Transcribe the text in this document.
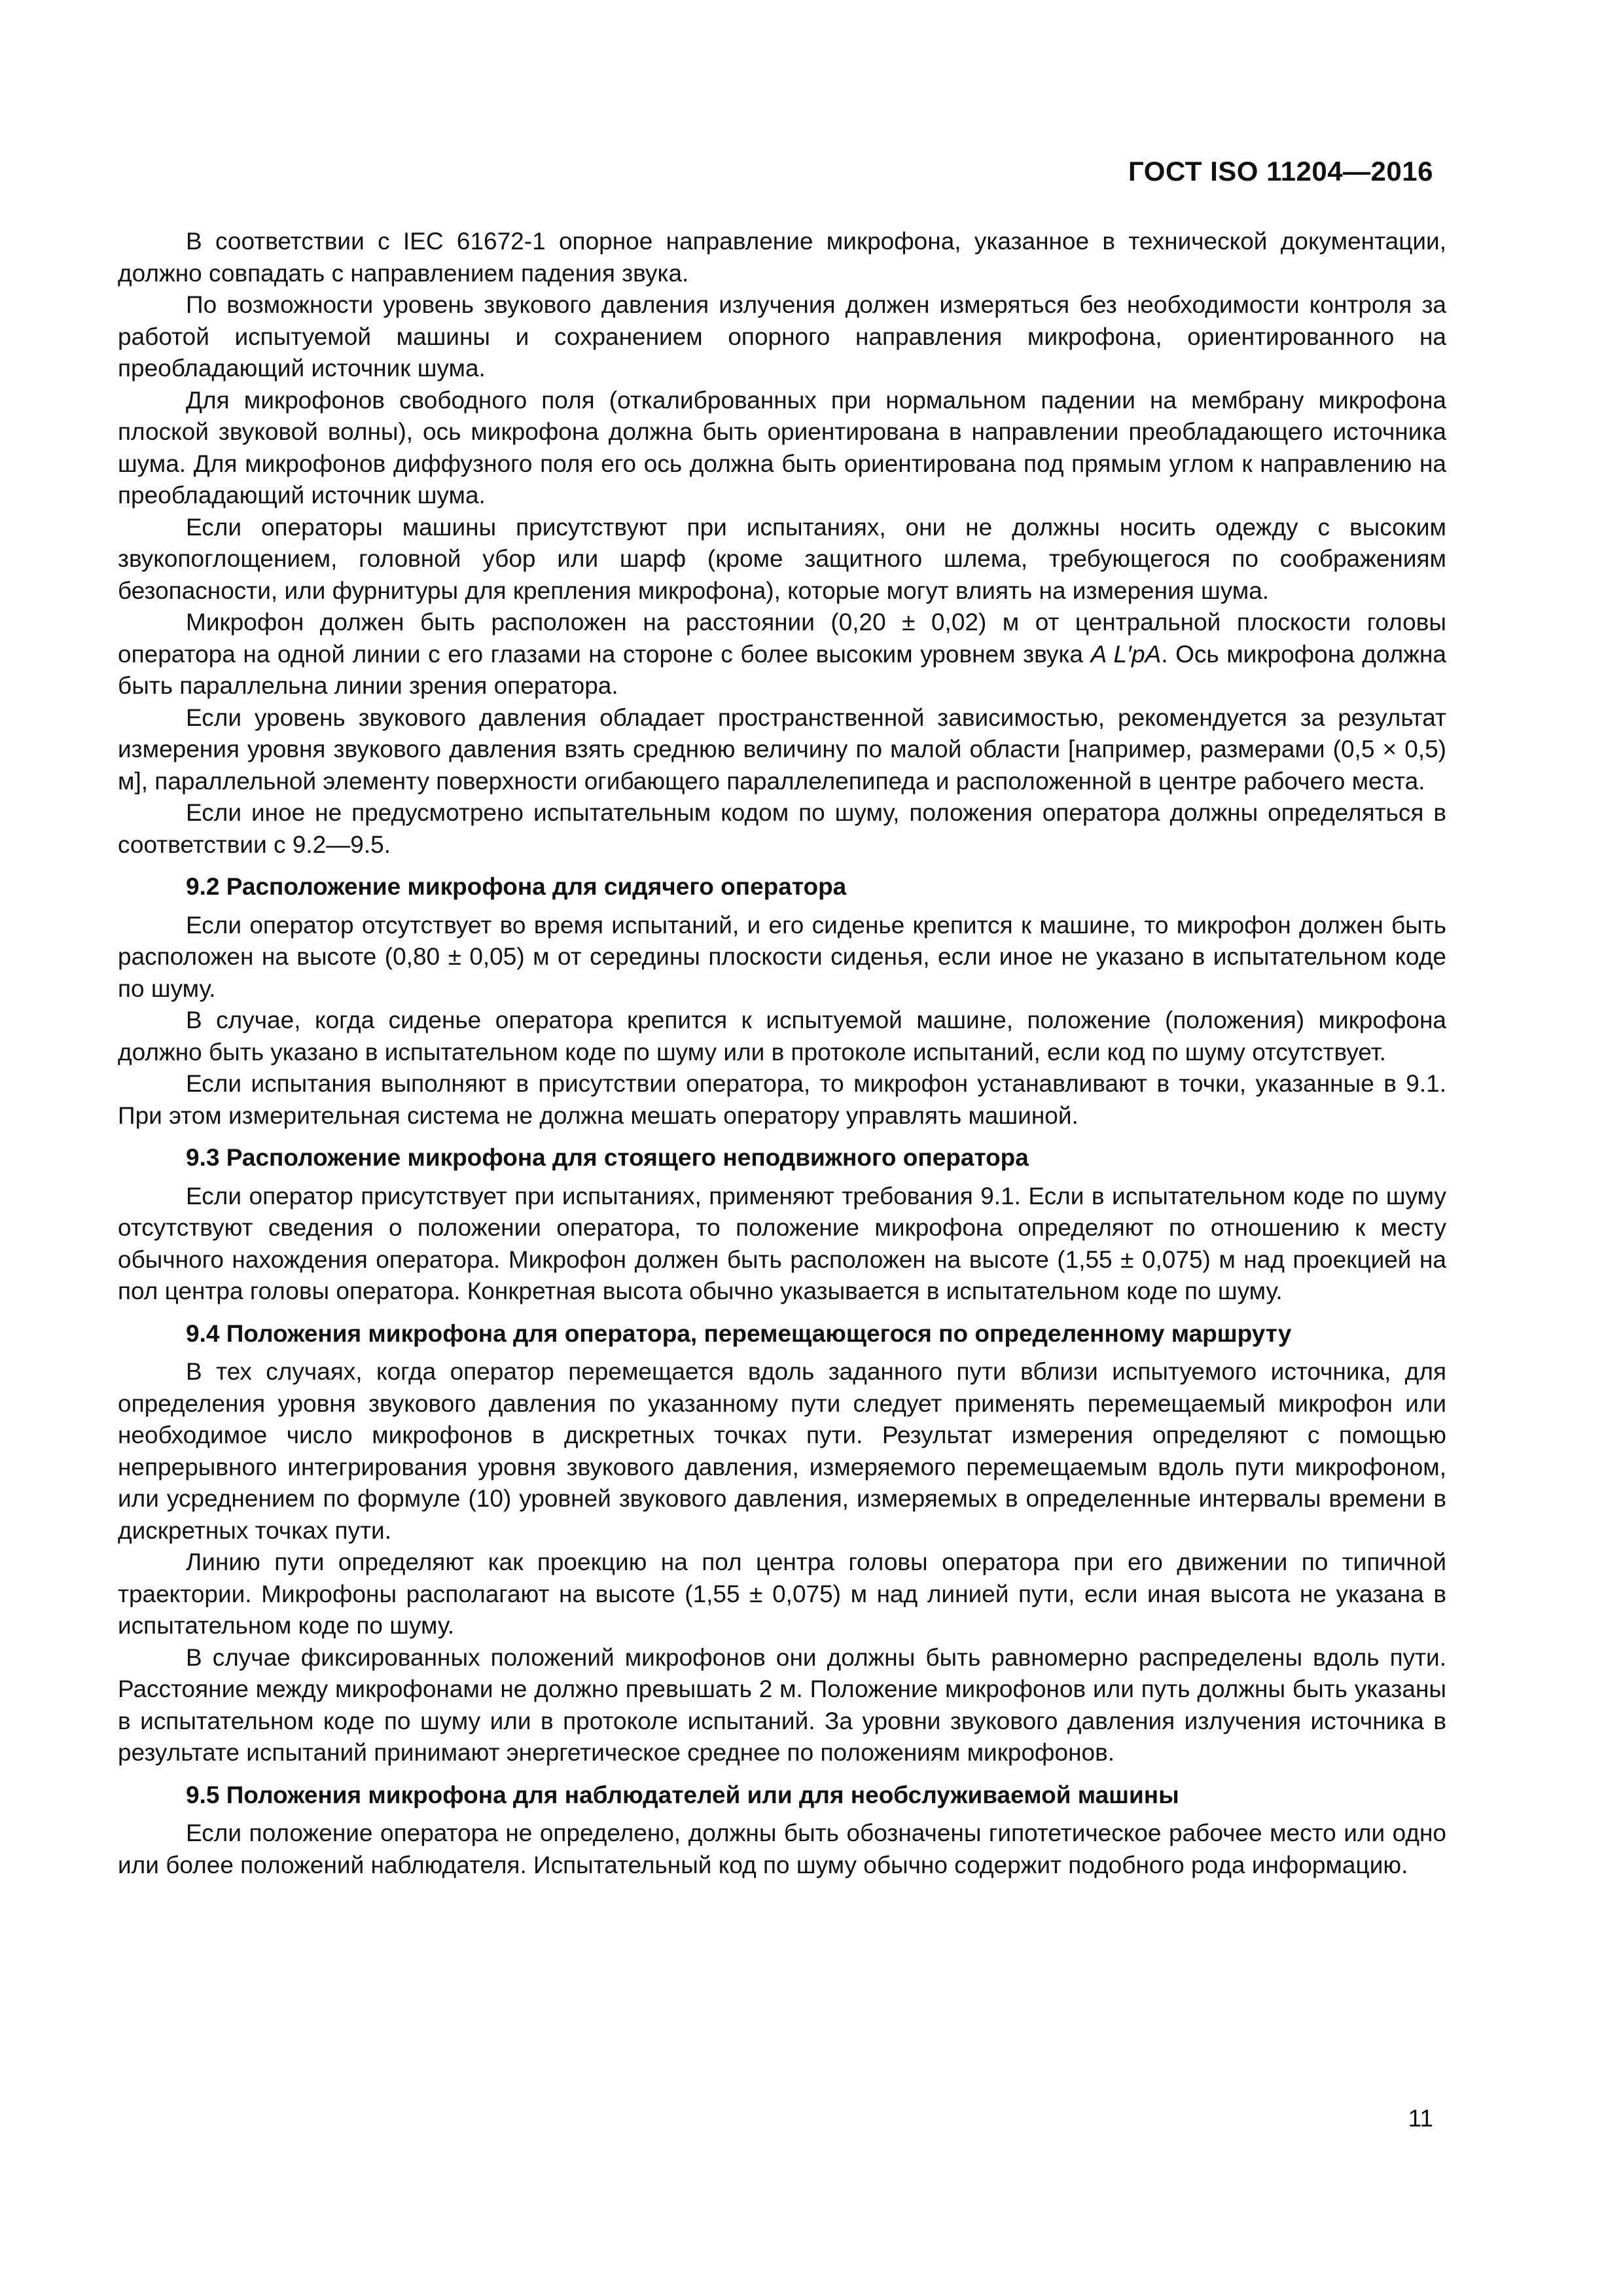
ГОСТ ISO 11204—2016

В соответствии с IEC 61672-1 опорное направление микрофона, указанное в технической документации, должно совпадать с направлением падения звука.

По возможности уровень звукового давления излучения должен измеряться без необходимости контроля за работой испытуемой машины и сохранением опорного направления микрофона, ориентированного на преобладающий источник шума.

Для микрофонов свободного поля (откалиброванных при нормальном падении на мембрану микрофона плоской звуковой волны), ось микрофона должна быть ориентирована в направлении преобладающего источника шума. Для микрофонов диффузного поля его ось должна быть ориентирована под прямым углом к направлению на преобладающий источник шума.

Если операторы машины присутствуют при испытаниях, они не должны носить одежду с высоким звукопоглощением, головной убор или шарф (кроме защитного шлема, требующегося по соображениям безопасности, или фурнитуры для крепления микрофона), которые могут влиять на измерения шума.

Микрофон должен быть расположен на расстоянии (0,20 ± 0,02) м от центральной плоскости головы оператора на одной линии с его глазами на стороне с более высоким уровнем звука A L′pA. Ось микрофона должна быть параллельна линии зрения оператора.

Если уровень звукового давления обладает пространственной зависимостью, рекомендуется за результат измерения уровня звукового давления взять среднюю величину по малой области [например, размерами (0,5 × 0,5) м], параллельной элементу поверхности огибающего параллелепипеда и расположенной в центре рабочего места.

Если иное не предусмотрено испытательным кодом по шуму, положения оператора должны определяться в соответствии с 9.2—9.5.

9.2 Расположение микрофона для сидячего оператора

Если оператор отсутствует во время испытаний, и его сиденье крепится к машине, то микрофон должен быть расположен на высоте (0,80 ± 0,05) м от середины плоскости сиденья, если иное не указано в испытательном коде по шуму.

В случае, когда сиденье оператора крепится к испытуемой машине, положение (положения) микрофона должно быть указано в испытательном коде по шуму или в протоколе испытаний, если код по шуму отсутствует.

Если испытания выполняют в присутствии оператора, то микрофон устанавливают в точки, указанные в 9.1. При этом измерительная система не должна мешать оператору управлять машиной.

9.3 Расположение микрофона для стоящего неподвижного оператора

Если оператор присутствует при испытаниях, применяют требования 9.1. Если в испытательном коде по шуму отсутствуют сведения о положении оператора, то положение микрофона определяют по отношению к месту обычного нахождения оператора. Микрофон должен быть расположен на высоте (1,55 ± 0,075) м над проекцией на пол центра головы оператора. Конкретная высота обычно указывается в испытательном коде по шуму.

9.4 Положения микрофона для оператора, перемещающегося по определенному маршруту

В тех случаях, когда оператор перемещается вдоль заданного пути вблизи испытуемого источника, для определения уровня звукового давления по указанному пути следует применять перемещаемый микрофон или необходимое число микрофонов в дискретных точках пути. Результат измерения определяют с помощью непрерывного интегрирования уровня звукового давления, измеряемого перемещаемым вдоль пути микрофоном, или усреднением по формуле (10) уровней звукового давления, измеряемых в определенные интервалы времени в дискретных точках пути.

Линию пути определяют как проекцию на пол центра головы оператора при его движении по типичной траектории. Микрофоны располагают на высоте (1,55 ± 0,075) м над линией пути, если иная высота не указана в испытательном коде по шуму.

В случае фиксированных положений микрофонов они должны быть равномерно распределены вдоль пути. Расстояние между микрофонами не должно превышать 2 м. Положение микрофонов или путь должны быть указаны в испытательном коде по шуму или в протоколе испытаний. За уровни звукового давления излучения источника в результате испытаний принимают энергетическое среднее по положениям микрофонов.

9.5 Положения микрофона для наблюдателей или для необслуживаемой машины

Если положение оператора не определено, должны быть обозначены гипотетическое рабочее место или одно или более положений наблюдателя. Испытательный код по шуму обычно содержит подобного рода информацию.

11
